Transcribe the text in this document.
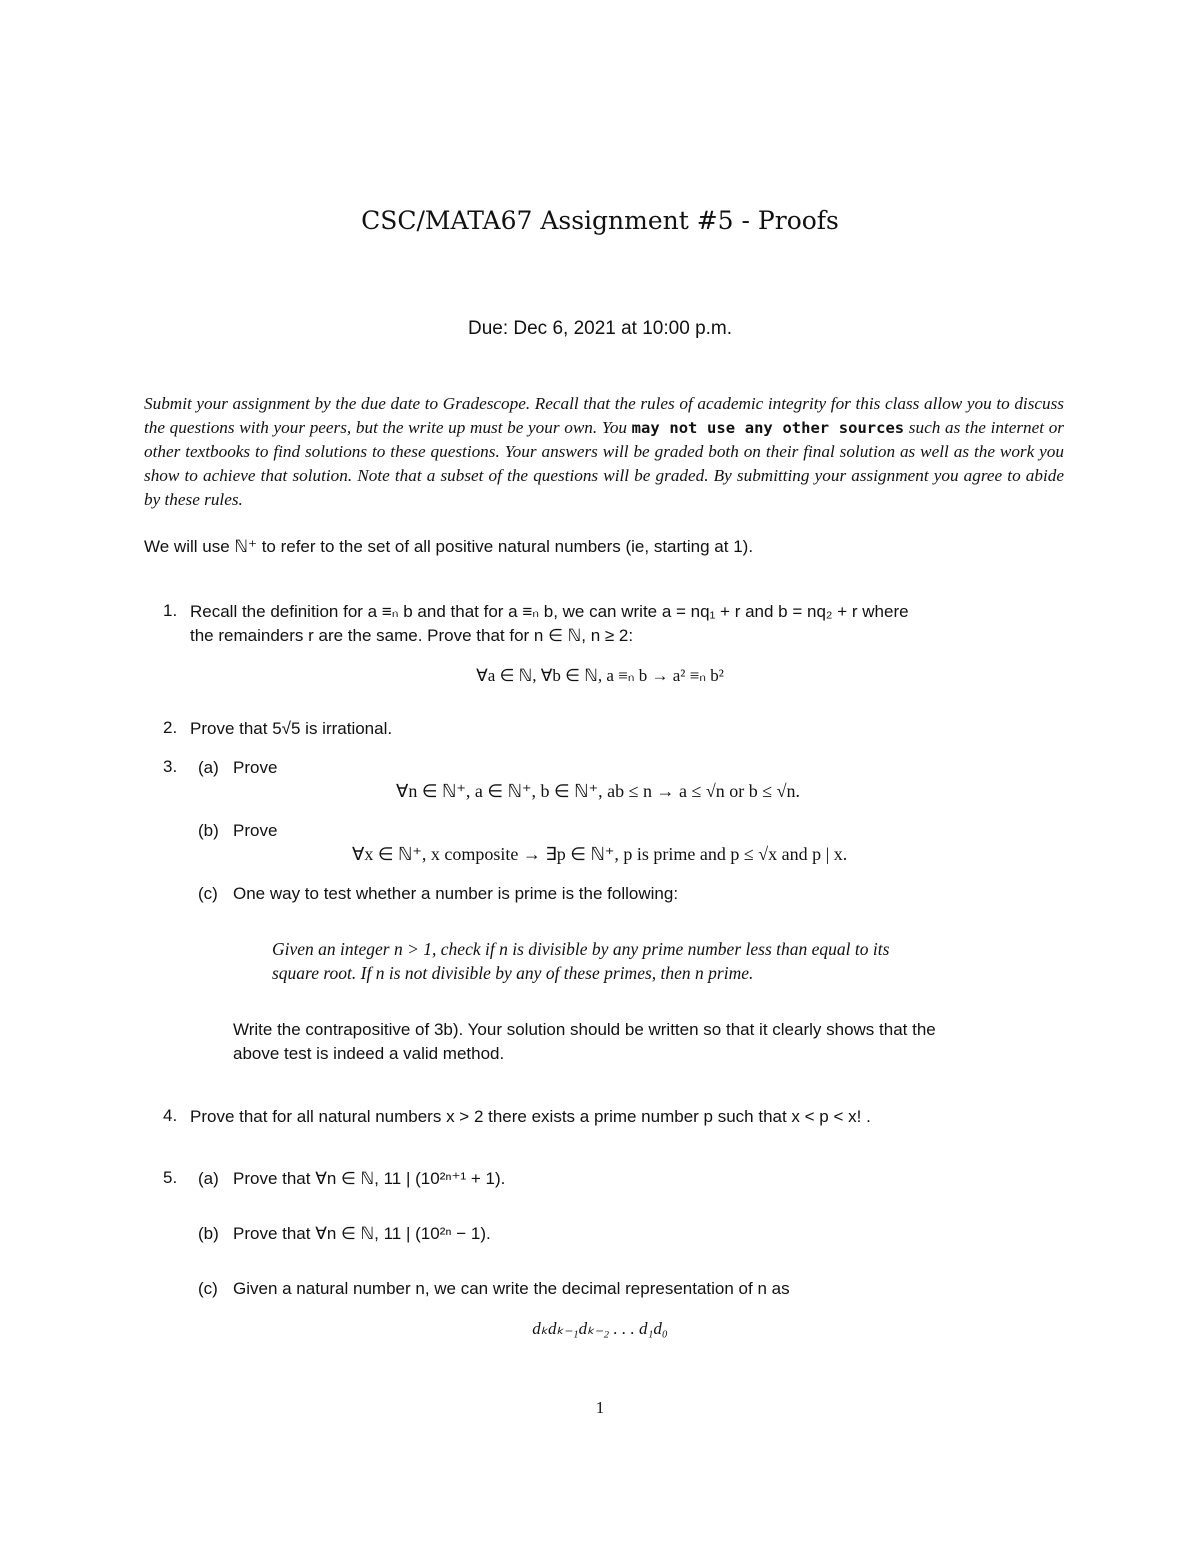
CSC/MATA67 Assignment #5 - Proofs
Due: Dec 6, 2021 at 10:00 p.m.
Submit your assignment by the due date to Gradescope. Recall that the rules of academic integrity for this class allow you to discuss the questions with your peers, but the write up must be your own. You may not use any other sources such as the internet or other textbooks to find solutions to these questions. Your answers will be graded both on their final solution as well as the work you show to achieve that solution. Note that a subset of the questions will be graded. By submitting your assignment you agree to abide by these rules.
We will use ℕ⁺ to refer to the set of all positive natural numbers (ie, starting at 1).
1. Recall the definition for a ≡ₙ b and that for a ≡ₙ b, we can write a = nq₁ + r and b = nq₂ + r where
the remainders r are the same. Prove that for n ∈ ℕ, n ≥ 2:
∀a ∈ ℕ, ∀b ∈ ℕ, a ≡ₙ b → a² ≡ₙ b²
2. Prove that 5√5 is irrational.
3. (a) Prove
∀n ∈ ℕ⁺, a ∈ ℕ⁺, b ∈ ℕ⁺, ab ≤ n → a ≤ √n or b ≤ √n.
(b) Prove
∀x ∈ ℕ⁺, x composite → ∃p ∈ ℕ⁺, p is prime and p ≤ √x and p | x.
(c) One way to test whether a number is prime is the following:
Given an integer n > 1, check if n is divisible by any prime number less than equal to its
square root. If n is not divisible by any of these primes, then n prime.
Write the contrapositive of 3b). Your solution should be written so that it clearly shows that the
above test is indeed a valid method.
4. Prove that for all natural numbers x > 2 there exists a prime number p such that x < p < x! .
5. (a) Prove that ∀n ∈ ℕ, 11 | (10²ⁿ⁺¹ + 1).
(b) Prove that ∀n ∈ ℕ, 11 | (10²ⁿ − 1).
(c) Given a natural number n, we can write the decimal representation of n as
dₖdₖ₋₁dₖ₋₂ . . . d₁d₀
1
